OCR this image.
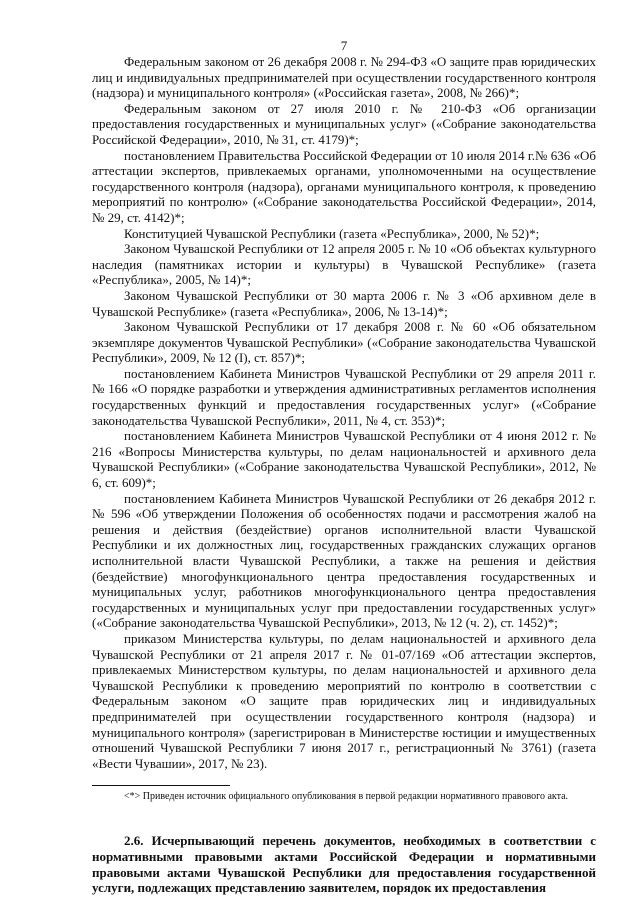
7

Федеральным законом от 26 декабря 2008 г. № 294-ФЗ «О защите прав юридических лиц и индивидуальных предпринимателей при осуществлении государственного контроля (надзора) и муниципального контроля» («Российская газета», 2008, № 266)*;

Федеральным законом от 27 июля 2010 г. № 210-ФЗ «Об организации предоставления государственных и муниципальных услуг» («Собрание законодательства Российской Федерации», 2010, № 31, ст. 4179)*;

постановлением Правительства Российской Федерации от 10 июля 2014 г.№ 636 «Об аттестации экспертов, привлекаемых органами, уполномоченными на осуществление государственного контроля (надзора), органами муниципального контроля, к проведению мероприятий по контролю» («Собрание законодательства Российской Федерации», 2014, № 29, ст. 4142)*;

Конституцией Чувашской Республики (газета «Республика», 2000, № 52)*;

Законом Чувашской Республики от 12 апреля 2005 г. № 10 «Об объектах культурного наследия (памятниках истории и культуры) в Чувашской Республике» (газета «Республика», 2005, № 14)*;

Законом Чувашской Республики от 30 марта 2006 г. № 3 «Об архивном деле в Чувашской Республике» (газета «Республика», 2006, № 13-14)*;

Законом Чувашской Республики от 17 декабря 2008 г. № 60 «Об обязательном экземпляре документов Чувашской Республики» («Собрание законодательства Чувашской Республики», 2009, № 12 (I), ст. 857)*;

постановлением Кабинета Министров Чувашской Республики от 29 апреля 2011 г. № 166 «О порядке разработки и утверждения административных регламентов исполнения государственных функций и предоставления государственных услуг» («Собрание законодательства Чувашской Республики», 2011, № 4, ст. 353)*;

постановлением Кабинета Министров Чувашской Республики от 4 июня 2012 г. № 216 «Вопросы Министерства культуры, по делам национальностей и архивного дела Чувашской Республики» («Собрание законодательства Чувашской Республики», 2012, № 6, ст. 609)*;

постановлением Кабинета Министров Чувашской Республики от 26 декабря 2012 г. № 596 «Об утверждении Положения об особенностях подачи и рассмотрения жалоб на решения и действия (бездействие) органов исполнительной власти Чувашской Республики и их должностных лиц, государственных гражданских служащих органов исполнительной власти Чувашской Республики, а также на решения и действия (бездействие) многофункционального центра предоставления государственных и муниципальных услуг, работников многофункционального центра предоставления государственных и муниципальных услуг при предоставлении государственных услуг» («Собрание законодательства Чувашской Республики», 2013, № 12 (ч. 2), ст. 1452)*;

приказом Министерства культуры, по делам национальностей и архивного дела Чувашской Республики от 21 апреля 2017 г. № 01-07/169 «Об аттестации экспертов, привлекаемых Министерством культуры, по делам национальностей и архивного дела Чувашской Республики к проведению мероприятий по контролю в соответствии с Федеральным законом «О защите прав юридических лиц и индивидуальных предпринимателей при осуществлении государственного контроля (надзора) и муниципального контроля» (зарегистрирован в Министерстве юстиции и имущественных отношений Чувашской Республики 7 июня 2017 г., регистрационный № 3761) (газета «Вести Чувашии», 2017, № 23).

<*> Приведен источник официального опубликования в первой редакции нормативного правового акта.

2.6. Исчерпывающий перечень документов, необходимых в соответствии с нормативными правовыми актами Российской Федерации и нормативными правовыми актами Чувашской Республики для предоставления государственной услуги, подлежащих представлению заявителем, порядок их предоставления
